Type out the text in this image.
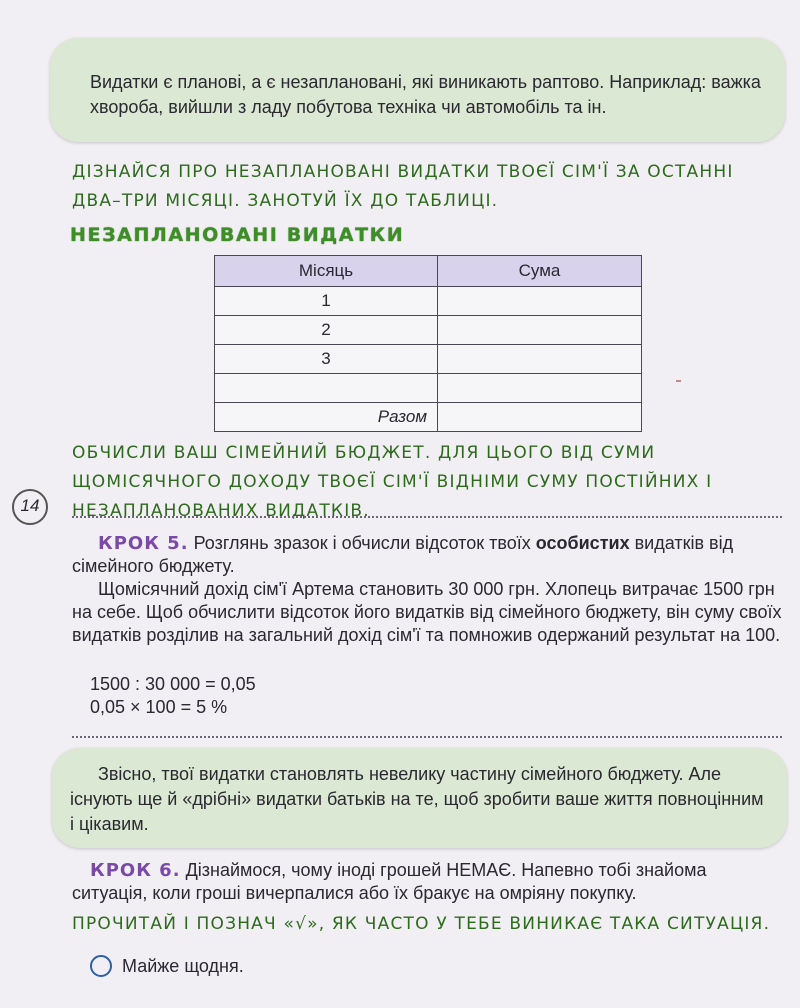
Видатки є планові, а є незаплановані, які виникають раптово. Наприклад: важка хвороба, вийшли з ладу побутова техніка чи автомобіль та ін.

ДІЗНАЙСЯ ПРО НЕЗАПЛАНОВАНІ ВИДАТКИ ТВОЄЇ СІМ'Ї ЗА ОСТАННІ ДВА–ТРИ МІСЯЦІ. ЗАНОТУЙ ЇХ ДО ТАБЛИЦІ.
НЕЗАПЛАНОВАНІ ВИДАТКИ
Місяць	Сума
1	
2	
3	

Разом	
ОБЧИСЛИ ВАШ СІМЕЙНИЙ БЮДЖЕТ. ДЛЯ ЦЬОГО ВІД СУМИ ЩОМІСЯЧНОГО ДОХОДУ ТВОЄЇ СІМ'Ї ВІДНІМИ СУМУ ПОСТІЙНИХ І НЕЗАПЛАНОВАНИХ ВИДАТКІВ.
14
КРОК 5. Розглянь зразок і обчисли відсоток твоїх особистих видатків від сімейного бюджету.
Щомісячний дохід сім'ї Артема становить 30 000 грн. Хлопець витрачає 1500 грн на себе. Щоб обчислити відсоток його видатків від сімейного бюджету, він суму своїх видатків розділив на загальний дохід сім'ї та помножив одержаний результат на 100.
1500 : 30 000 = 0,05
0,05 × 100 = 5 %

Звісно, твої видатки становлять невелику частину сімейного бюджету. Але існують ще й «дрібні» видатки батьків на те, щоб зробити ваше життя повноцінним і цікавим.

КРОК 6. Дізнаймося, чому іноді грошей НЕМАЄ. Напевно тобі знайома ситуація, коли гроші вичерпалися або їх бракує на омріяну покупку.
ПРОЧИТАЙ І ПОЗНАЧ «√», ЯК ЧАСТО У ТЕБЕ ВИНИКАЄ ТАКА СИТУАЦІЯ.
Майже щодня.
